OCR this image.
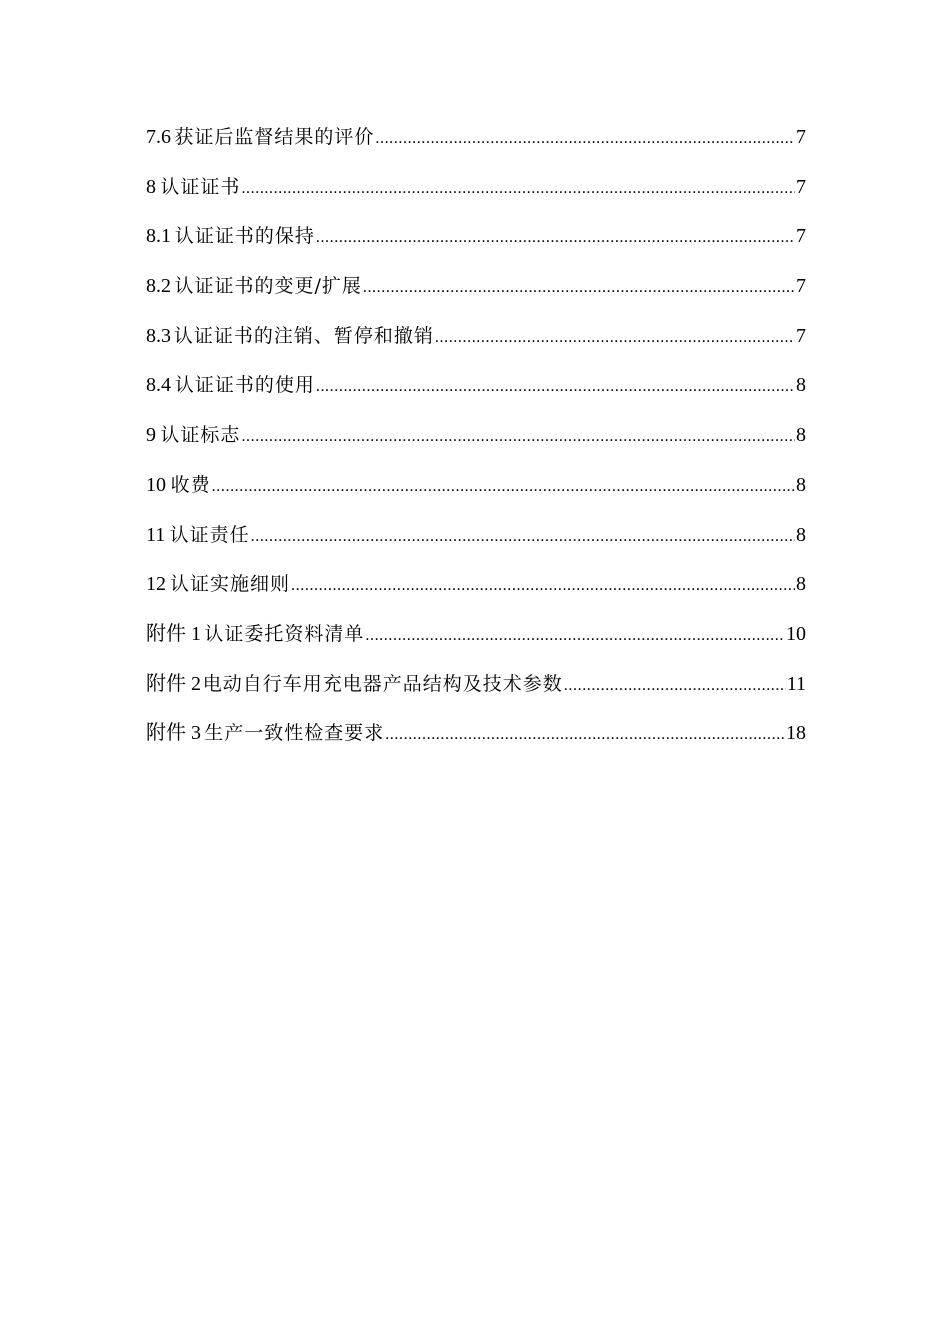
7.6 获证后监督结果的评价 .....	7
8 认证证书 .....	7
8.1 认证证书的保持 .....	7
8.2 认证证书的变更/扩展 .....	7
8.3 认证证书的注销、暂停和撤销 .....	7
8.4 认证证书的使用 .....	8
9 认证标志 .....	8
10 收费 .....	8
11 认证责任 .....	8
12 认证实施细则 .....	8
附件 1 认证委托资料清单 .....	10
附件 2 电动自行车用充电器产品结构及技术参数 .....	11
附件 3 生产一致性检查要求 .....	18
